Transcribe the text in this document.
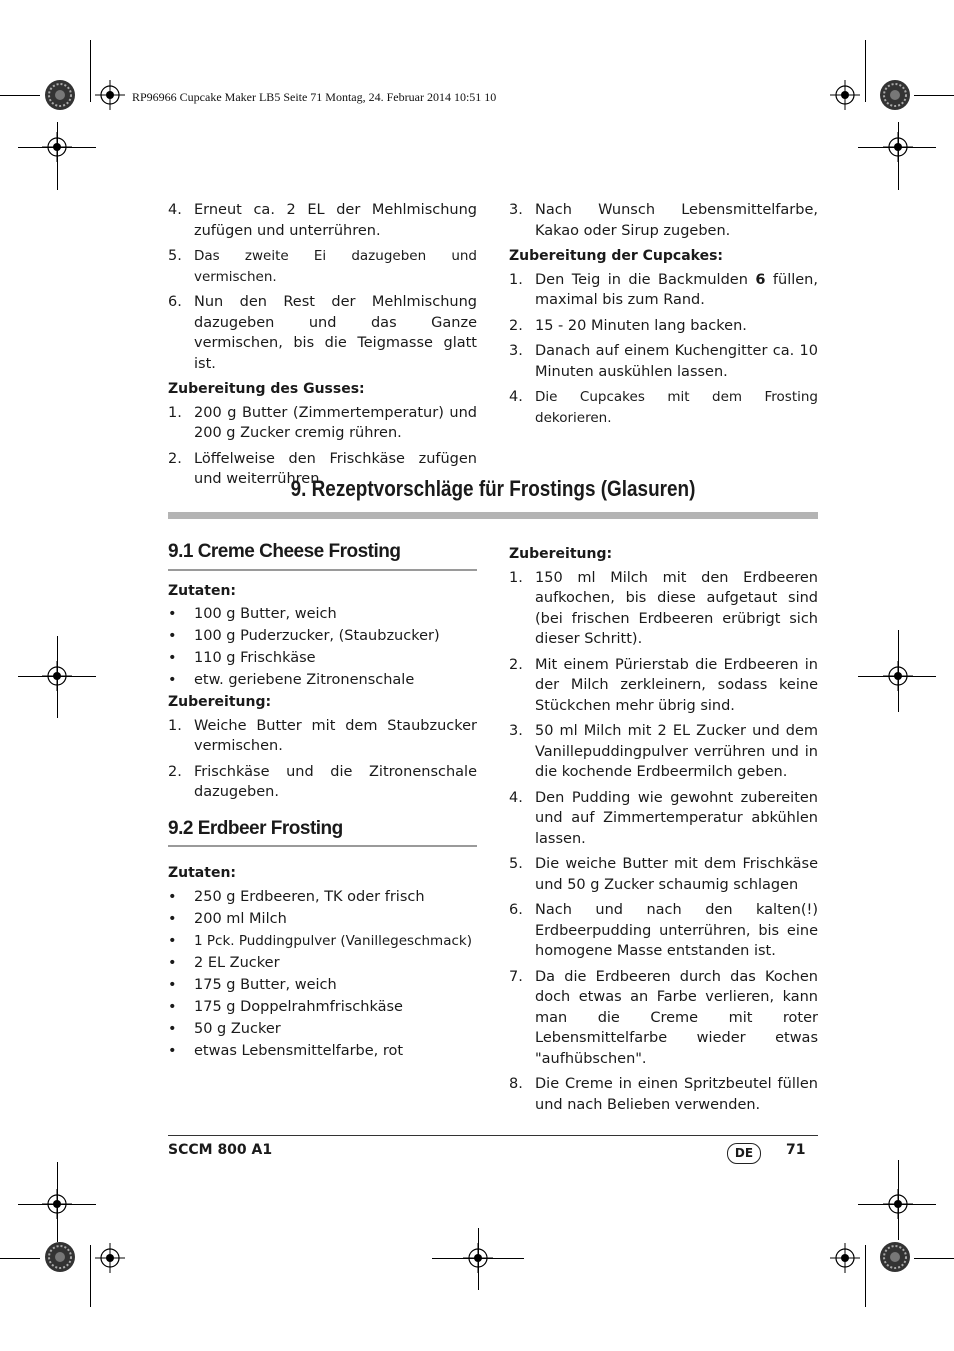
RP96966 Cupcake Maker LB5 Seite 71 Montag, 24. Februar 2014 10:51 10
4. Erneut ca. 2 EL der Mehlmischung zufügen und unterrühren.
5. Das zweite Ei dazugeben und vermischen.
6. Nun den Rest der Mehlmischung dazugeben und das Ganze vermischen, bis die Teigmasse glatt ist.
Zubereitung des Gusses:
1. 200 g Butter (Zimmertemperatur) und 200 g Zucker cremig rühren.
2. Löffelweise den Frischkäse zufügen und weiterrühren.
3. Nach Wunsch Lebensmittelfarbe, Kakao oder Sirup zugeben.
Zubereitung der Cupcakes:
1. Den Teig in die Backmulden 6 füllen, maximal bis zum Rand.
2. 15 - 20 Minuten lang backen.
3. Danach auf einem Kuchengitter ca. 10 Minuten auskühlen lassen.
4. Die Cupcakes mit dem Frosting dekorieren.
9. Rezeptvorschläge für Frostings (Glasuren)
9.1 Creme Cheese Frosting
Zutaten:
•	100 g Butter, weich
•	100 g Puderzucker, (Staubzucker)
•	110 g Frischkäse
•	etw. geriebene Zitronenschale
Zubereitung:
1. Weiche Butter mit dem Staubzucker vermischen.
2. Frischkäse und die Zitronenschale dazugeben.
9.2 Erdbeer Frosting
Zutaten:
•	250 g Erdbeeren, TK oder frisch
•	200 ml Milch
•	1 Pck. Puddingpulver (Vanillegeschmack)
•	2 EL Zucker
•	175 g Butter, weich
•	175 g Doppelrahmfrischkäse
•	50 g Zucker
•	etwas Lebensmittelfarbe, rot
Zubereitung:
1. 150 ml Milch mit den Erdbeeren aufkochen, bis diese aufgetaut sind (bei frischen Erdbeeren erübrigt sich dieser Schritt).
2. Mit einem Pürierstab die Erdbeeren in der Milch zerkleinern, sodass keine Stückchen mehr übrig sind.
3. 50 ml Milch mit 2 EL Zucker und dem Vanillepuddingpulver verrühren und in die kochende Erdbeermilch geben.
4. Den Pudding wie gewohnt zubereiten und auf Zimmertemperatur abkühlen lassen.
5. Die weiche Butter mit dem Frischkäse und 50 g Zucker schaumig schlagen
6. Nach und nach den kalten(!) Erdbeerpudding unterrühren, bis eine homogene Masse entstanden ist.
7. Da die Erdbeeren durch das Kochen doch etwas an Farbe verlieren, kann man die Creme mit roter Lebensmittelfarbe wieder etwas "aufhübschen".
8. Die Creme in einen Spritzbeutel füllen und nach Belieben verwenden.
SCCM 800 A1	DE	71
